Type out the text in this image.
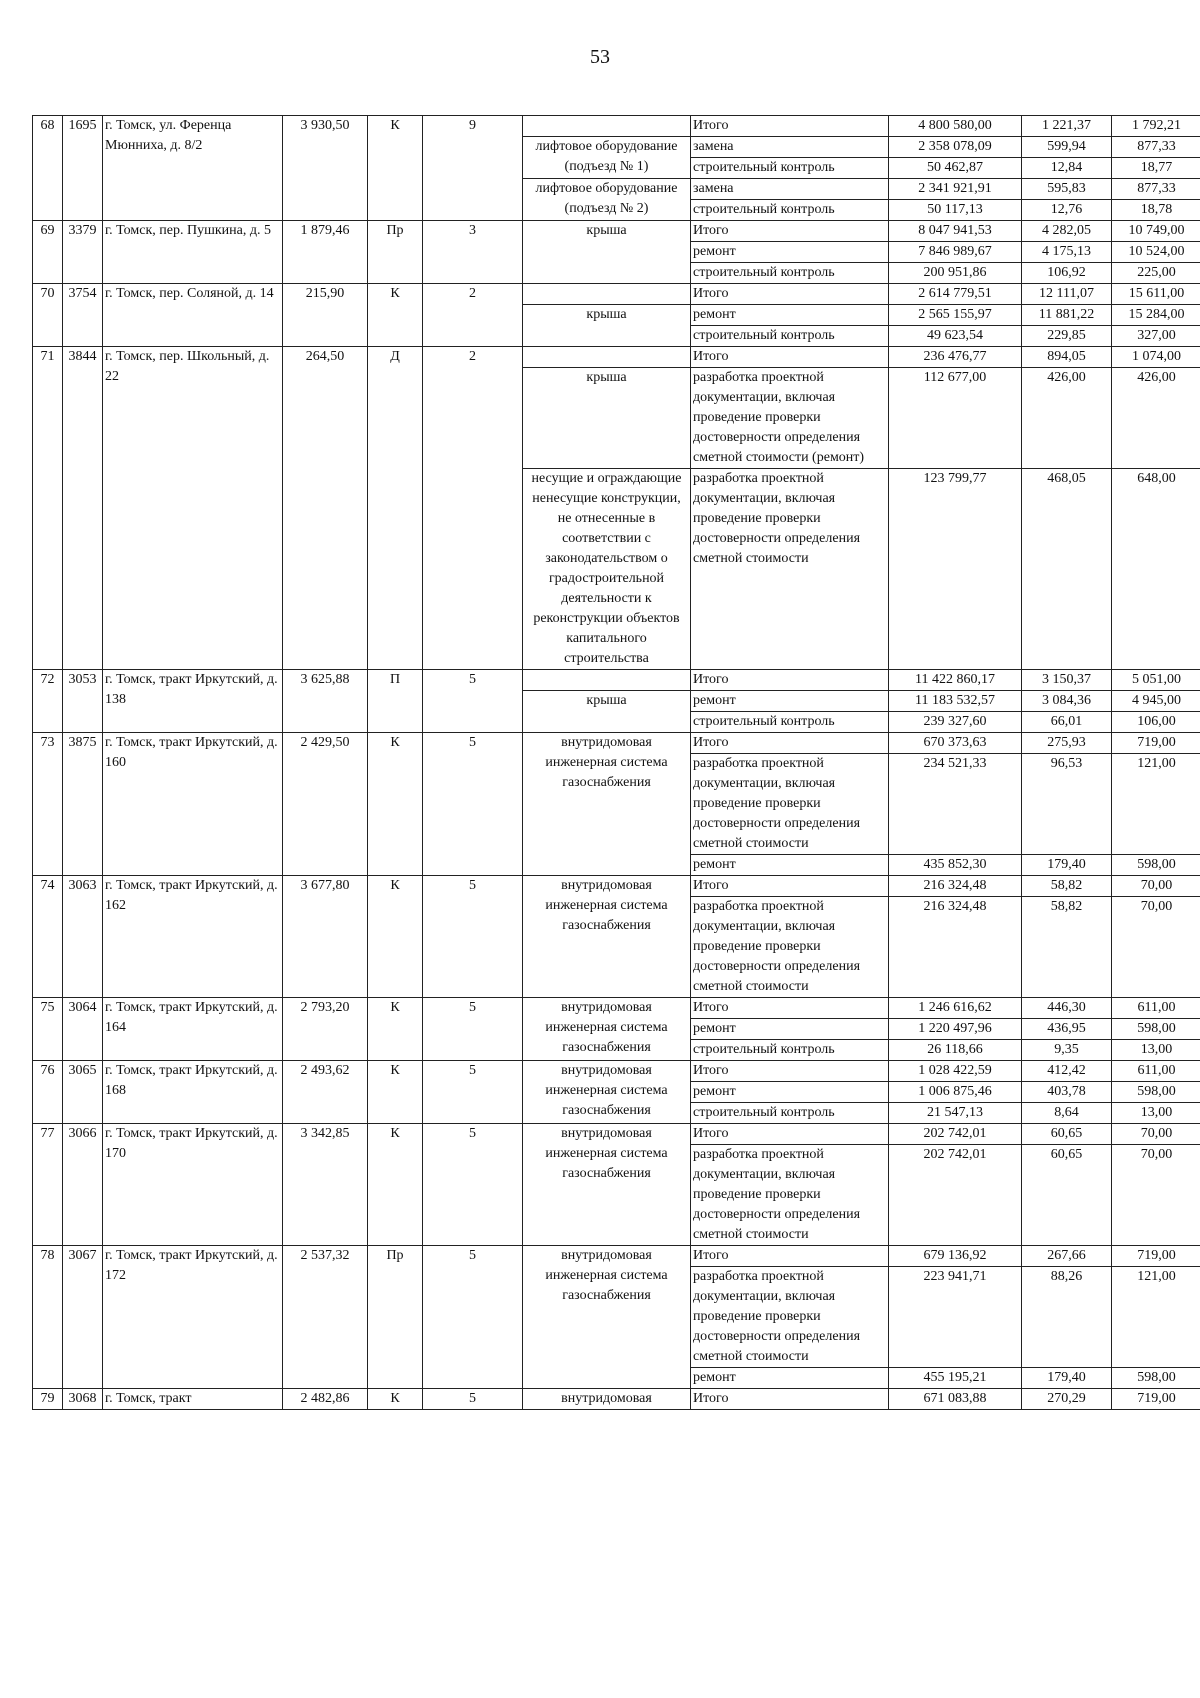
53
68	1695	г. Томск, ул. Ференца Мюнниха, д. 8/2	3 930,50	К	9		Итого	4 800 580,00	1 221,37	1 792,21
						лифтовое оборудование (подъезд № 1)	замена	2 358 078,09	599,94	877,33
							строительный контроль	50 462,87	12,84	18,77
						лифтовое оборудование (подъезд № 2)	замена	2 341 921,91	595,83	877,33
							строительный контроль	50 117,13	12,76	18,78
69	3379	г. Томск, пер. Пушкина, д. 5	1 879,46	Пр	3	крыша	Итого	8 047 941,53	4 282,05	10 749,00
							ремонт	7 846 989,67	4 175,13	10 524,00
							строительный контроль	200 951,86	106,92	225,00
70	3754	г. Томск, пер. Соляной, д. 14	215,90	К	2		Итого	2 614 779,51	12 111,07	15 611,00
						крыша	ремонт	2 565 155,97	11 881,22	15 284,00
							строительный контроль	49 623,54	229,85	327,00
71	3844	г. Томск, пер. Школьный, д. 22	264,50	Д	2		Итого	236 476,77	894,05	1 074,00
						крыша	разработка проектной документации, включая проведение проверки достоверности определения сметной стоимости (ремонт)	112 677,00	426,00	426,00
						несущие и ограждающие ненесущие конструкции, не отнесенные в соответствии с законодательством о градостроительной деятельности к реконструкции объектов капитального строительства	разработка проектной документации, включая проведение проверки достоверности определения сметной стоимости	123 799,77	468,05	648,00
72	3053	г. Томск, тракт Иркутский, д. 138	3 625,88	П	5		Итого	11 422 860,17	3 150,37	5 051,00
						крыша	ремонт	11 183 532,57	3 084,36	4 945,00
							строительный контроль	239 327,60	66,01	106,00
73	3875	г. Томск, тракт Иркутский, д. 160	2 429,50	К	5	внутридомовая инженерная система газоснабжения	Итого	670 373,63	275,93	719,00
							разработка проектной документации, включая проведение проверки достоверности определения сметной стоимости	234 521,33	96,53	121,00
							ремонт	435 852,30	179,40	598,00
74	3063	г. Томск, тракт Иркутский, д. 162	3 677,80	К	5	внутридомовая инженерная система газоснабжения	Итого	216 324,48	58,82	70,00
							разработка проектной документации, включая проведение проверки достоверности определения сметной стоимости	216 324,48	58,82	70,00
75	3064	г. Томск, тракт Иркутский, д. 164	2 793,20	К	5	внутридомовая инженерная система газоснабжения	Итого	1 246 616,62	446,30	611,00
							ремонт	1 220 497,96	436,95	598,00
							строительный контроль	26 118,66	9,35	13,00
76	3065	г. Томск, тракт Иркутский, д. 168	2 493,62	К	5	внутридомовая инженерная система газоснабжения	Итого	1 028 422,59	412,42	611,00
							ремонт	1 006 875,46	403,78	598,00
							строительный контроль	21 547,13	8,64	13,00
77	3066	г. Томск, тракт Иркутский, д. 170	3 342,85	К	5	внутридомовая инженерная система газоснабжения	Итого	202 742,01	60,65	70,00
							разработка проектной документации, включая проведение проверки достоверности определения сметной стоимости	202 742,01	60,65	70,00
78	3067	г. Томск, тракт Иркутский, д. 172	2 537,32	Пр	5	внутридомовая инженерная система газоснабжения	Итого	679 136,92	267,66	719,00
							разработка проектной документации, включая проведение проверки достоверности определения сметной стоимости	223 941,71	88,26	121,00
							ремонт	455 195,21	179,40	598,00
79	3068	г. Томск, тракт	2 482,86	К	5	внутридомовая	Итого	671 083,88	270,29	719,00
